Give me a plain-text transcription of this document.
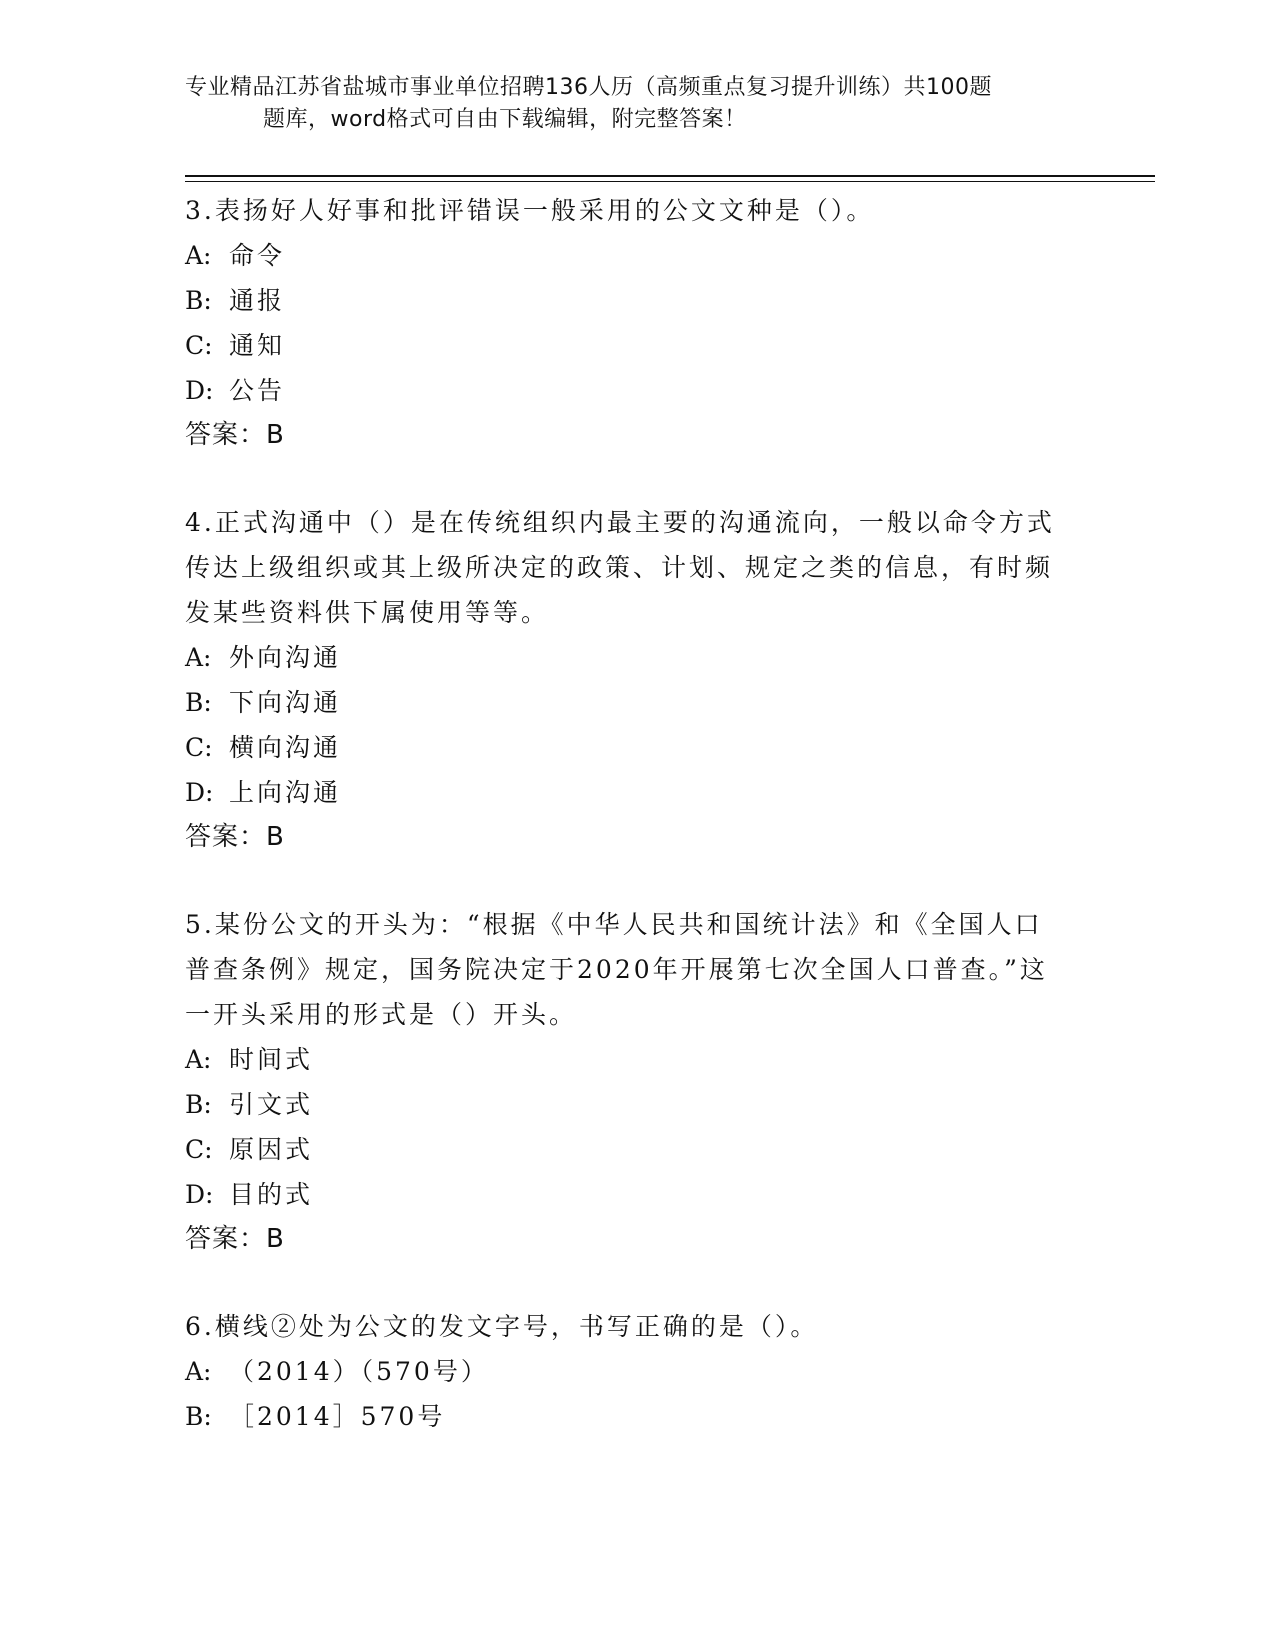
专业精品江苏省盐城市事业单位招聘136人历（高频重点复习提升训练）共100题
题库，word格式可自由下载编辑，附完整答案！

3.表扬好人好事和批评错误一般采用的公文文种是（）。

A: 命令

B: 通报

C: 通知

D: 公告

答案：B

4.正式沟通中（）是在传统组织内最主要的沟通流向，一般以命令方式传达上级组织或其上级所决定的政策、计划、规定之类的信息，有时频发某些资料供下属使用等等。

A: 外向沟通

B: 下向沟通

C: 横向沟通

D: 上向沟通

答案：B

5.某份公文的开头为：“根据《中华人民共和国统计法》和《全国人口普查条例》规定，国务院决定于2020年开展第七次全国人口普查。”这一开头采用的形式是（）开头。

A: 时间式

B: 引文式

C: 原因式

D: 目的式

答案：B

6.横线②处为公文的发文字号，书写正确的是（）。

A: （2014）（570号）

B: ［2014］570号
